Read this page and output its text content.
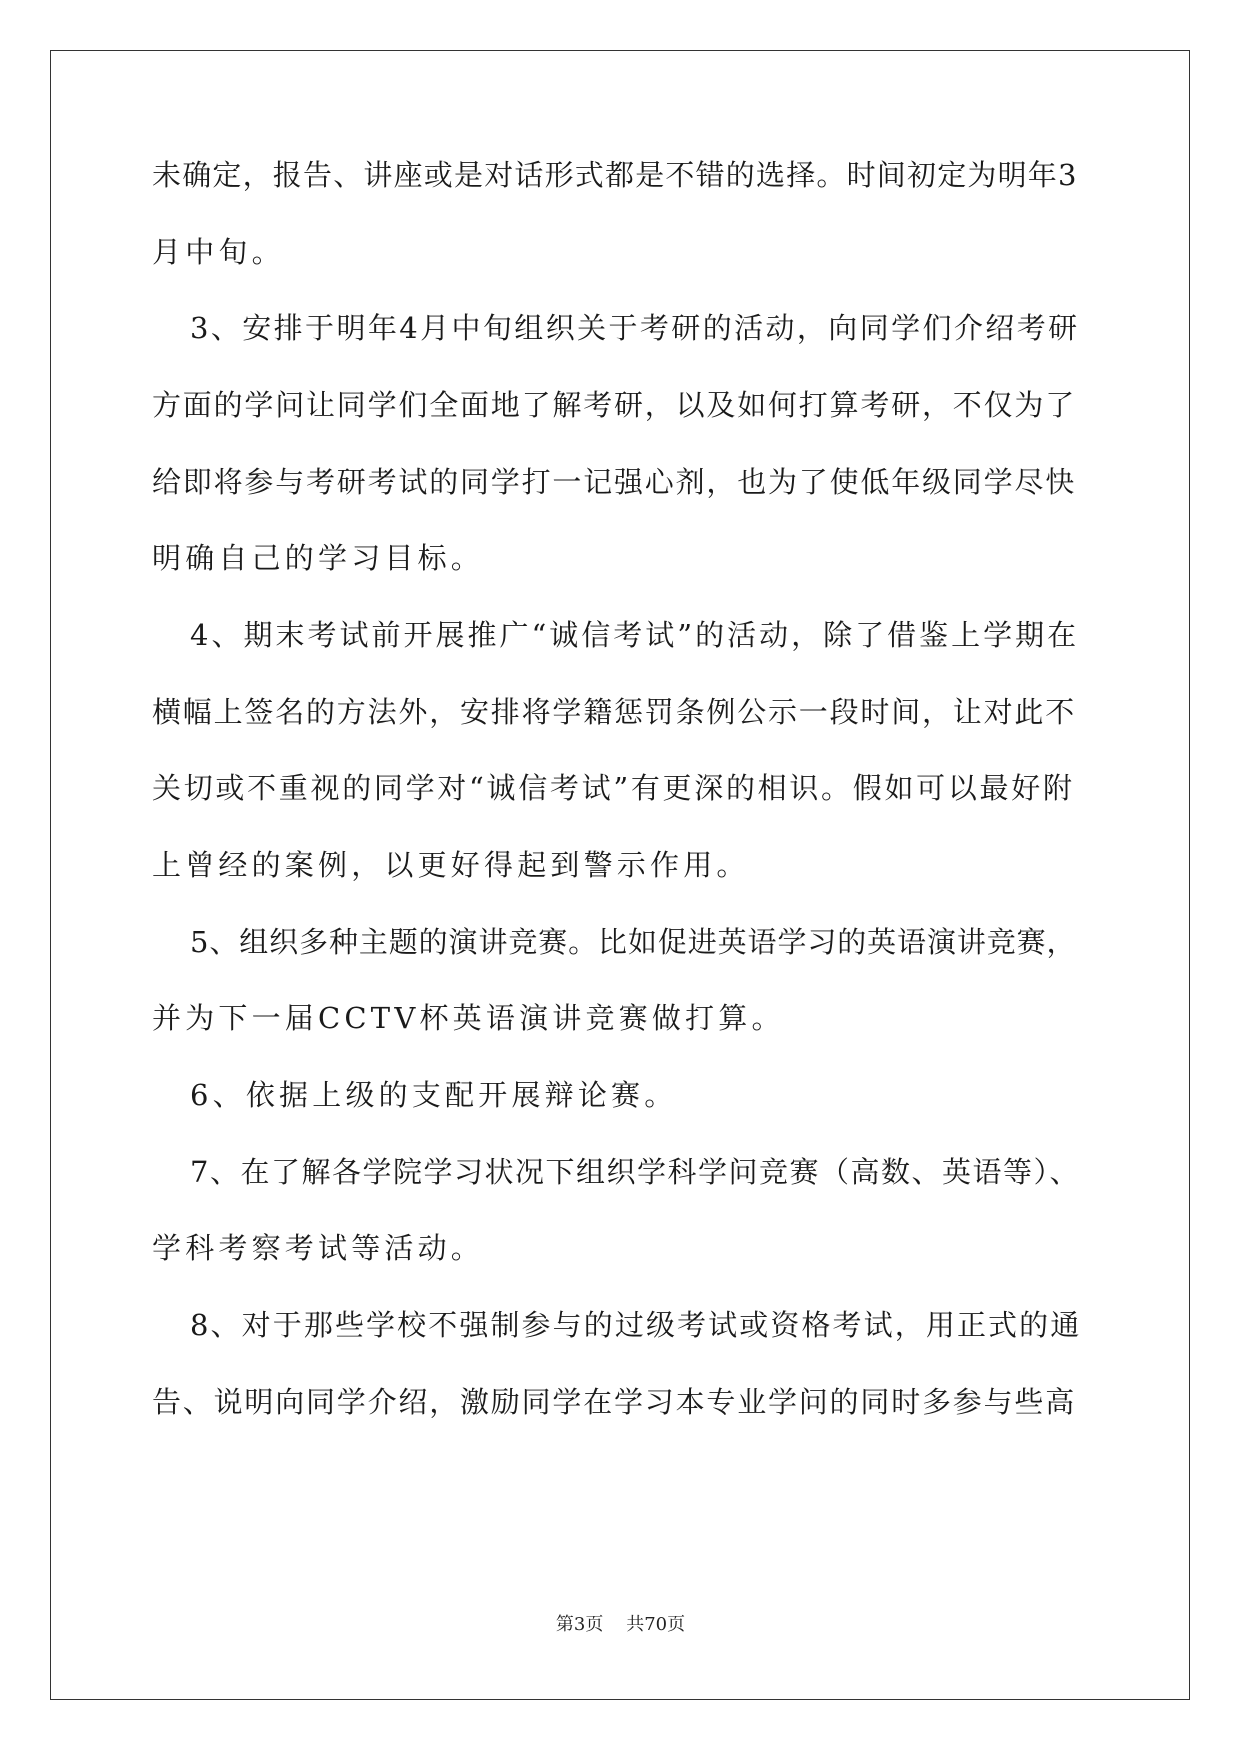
未确定，报告、讲座或是对话形式都是不错的选择。时间初定为明年3
月中旬。
3、安排于明年4月中旬组织关于考研的活动，向同学们介绍考研
方面的学问让同学们全面地了解考研，以及如何打算考研，不仅为了
给即将参与考研考试的同学打一记强心剂，也为了使低年级同学尽快
明确自己的学习目标。
4、期末考试前开展推广“诚信考试”的活动，除了借鉴上学期在
横幅上签名的方法外，安排将学籍惩罚条例公示一段时间，让对此不
关切或不重视的同学对“诚信考试”有更深的相识。假如可以最好附
上曾经的案例，以更好得起到警示作用。
5、组织多种主题的演讲竞赛。比如促进英语学习的英语演讲竞赛，
并为下一届CCTV杯英语演讲竞赛做打算。
6、依据上级的支配开展辩论赛。
7、在了解各学院学习状况下组织学科学问竞赛（高数、英语等）、
学科考察考试等活动。
8、对于那些学校不强制参与的过级考试或资格考试，用正式的通
告、说明向同学介绍，激励同学在学习本专业学问的同时多参与些高
第3页 共70页
